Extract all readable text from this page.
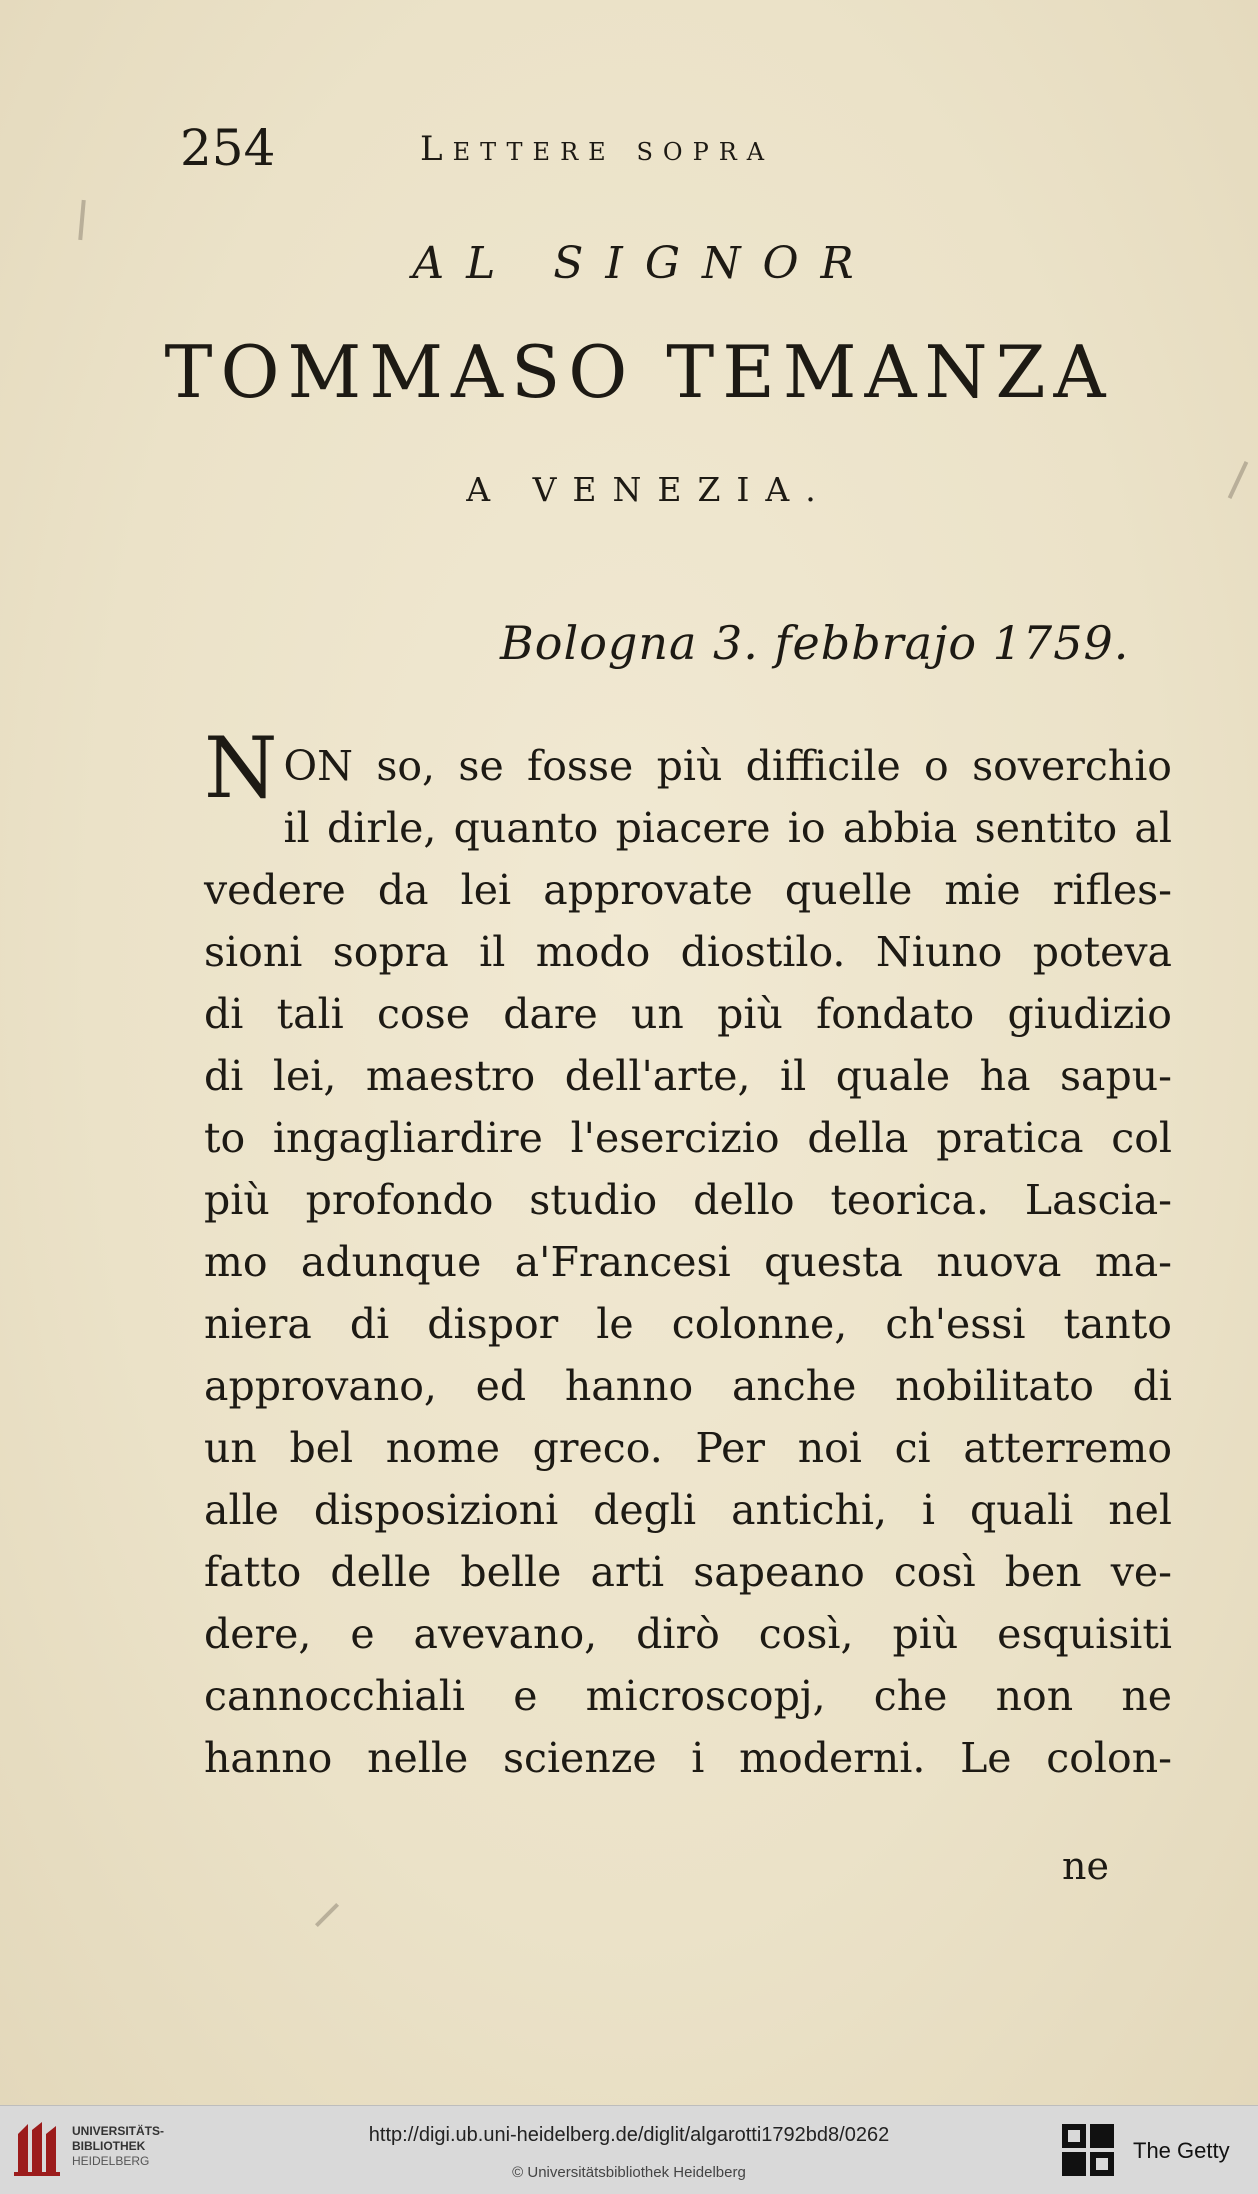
254	Lettere sopra
AL SIGNOR
TOMMASO TEMANZA
A VENEZIA.
Bologna 3. febbrajo 1759.
NON so, se fosse più difficile o soverchio
il dirle, quanto piacere io abbia sentito al
vedere da lei approvate quelle mie rifles-
sioni sopra il modo diostilo. Niuno poteva
di tali cose dare un più fondato giudizio
di lei, maestro dell'arte, il quale ha sapu-
to ingagliardire l'esercizio della pratica col
più profondo studio dello teorica. Lascia-
mo adunque a'Francesi questa nuova ma-
niera di dispor le colonne, ch'essi tanto
approvano, ed hanno anche nobilitato di
un bel nome greco. Per noi ci atterremo
alle disposizioni degli antichi, i quali nel
fatto delle belle arti sapeano così ben ve-
dere, e avevano, dirò così, più esquisiti
cannocchiali e microscopj, che non ne
hanno nelle scienze i moderni. Le colon-
ne
UNIVERSITÄTS-
BIBLIOTHEK
HEIDELBERG
http://digi.ub.uni-heidelberg.de/diglit/algarotti1792bd8/0262
© Universitätsbibliothek Heidelberg
The Getty
